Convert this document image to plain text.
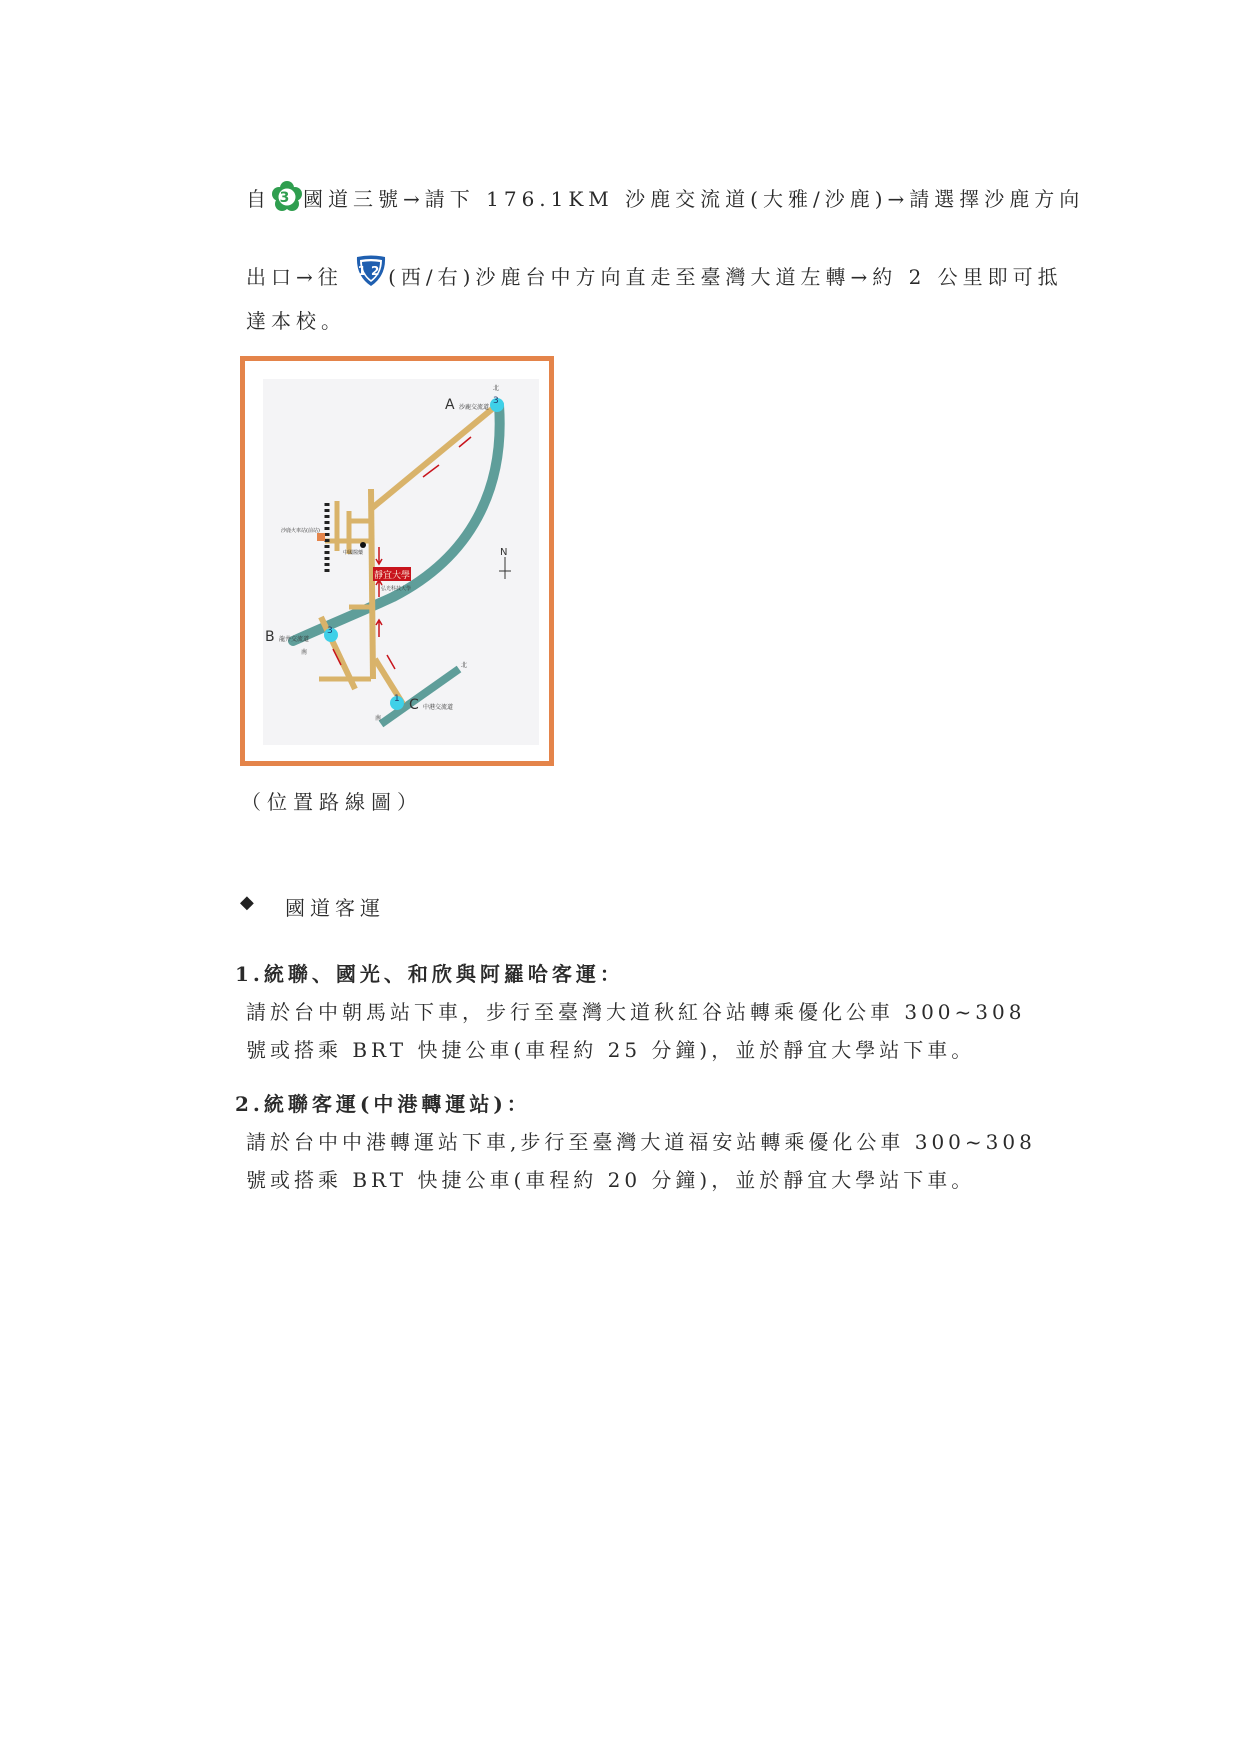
自 3 國道三號→請下 176.1KM 沙鹿交流道(大雅/沙鹿)→請選擇沙鹿方向
出口→往 12 (西/右)沙鹿台中方向直走至臺灣大道左轉→約 2 公里即可抵
達本校。
3
3
1
A 沙鹿交流道
北
B 龍井交流道
南
C 中港交流道
北
南
N
靜宜大學
沙鹿火車站(前站)
中國醫藥
弘光科技大學
（位置路線圖）
◆ 國道客運
1.統聯、國光、和欣與阿羅哈客運：
請於台中朝馬站下車，步行至臺灣大道秋紅谷站轉乘優化公車 300~308
號或搭乘 BRT 快捷公車(車程約 25 分鐘)，並於靜宜大學站下車。
2.統聯客運(中港轉運站)：
請於台中中港轉運站下車,步行至臺灣大道福安站轉乘優化公車 300~308
號或搭乘 BRT 快捷公車(車程約 20 分鐘)，並於靜宜大學站下車。
